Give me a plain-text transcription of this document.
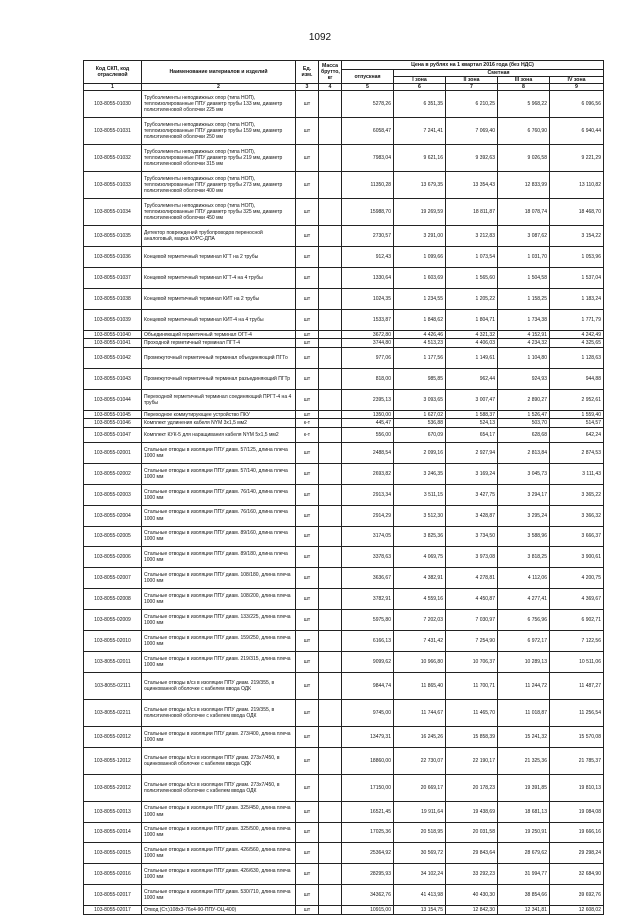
1092
Код СКП, код отраслевой	Наименование материалов и изделий	Ед. изм.	Масса брутто, кг	Цена в рублях на 1 квартал 2016 года (без НДС)				
				отпускная	Сметная			
					I зона	II зона	III зона	IV зона
1	2	3	4	5	6	7	8	9
103-8055-01030	Трубоэлементы неподвижных опор (типа НОП), теплоизолированные ППУ диаметр трубы 133 мм, диаметр полиэтиленовой оболочки 225 мм	шт		5278,26	6 351,35	6 210,25	5 968,22	6 096,56
103-8055-01031	Трубоэлементы неподвижных опор (типа НОП), теплоизолированные ППУ диаметр трубы 159 мм, диаметр полиэтиленовой оболочки 250 мм	шт		6058,47	7 241,41	7 069,40	6 760,90	6 940,44
103-8055-01032	Трубоэлементы неподвижных опор (типа НОП), теплоизолированные ППУ диаметр трубы 219 мм, диаметр полиэтиленовой оболочки 315 мм	шт		7983,04	9 621,16	9 392,63	9 026,58	9 221,29
103-8055-01033	Трубоэлементы неподвижных опор (типа НОП), теплоизолированные ППУ диаметр трубы 273 мм, диаметр полиэтиленовой оболочки 400 мм	шт		11350,28	13 679,35	13 354,43	12 833,99	13 110,82
103-8055-01034	Трубоэлементы неподвижных опор (типа НОП), теплоизолированные ППУ диаметр трубы 325 мм, диаметр полиэтиленовой оболочки 450 мм	шт		15988,70	19 269,59	18 811,87	18 078,74	18 468,70
103-8055-01035	Детектор повреждений трубопроводов переносной аналоговый, марка КУРС-ДПА	шт		2730,57	3 291,00	3 212,83	3 087,62	3 154,22
103-8055-01036	Концевой герметичный терминал КГТ на 2 трубы	шт		912,43	1 099,66	1 073,54	1 031,70	1 053,96
103-8055-01037	Концевой герметичный терминал КГТ-4 на 4 трубы	шт		1330,64	1 603,69	1 565,60	1 504,58	1 537,04
103-8055-01038	Концевой герметичный терминал КИТ на 2 трубы	шт		1024,35	1 234,55	1 205,22	1 158,25	1 183,24
103-8055-01039	Концевой герметичный терминал КИТ-4 на 4 трубы	шт		1533,87	1 848,62	1 804,71	1 734,38	1 771,79
103-8055-01040	Объединяющий герметичный терминал ОГТ-4	шт		3672,80	4 426,46	4 321,32	4 152,91	4 242,49
103-8055-01041	Проходной герметичный терминал ПГТ-4	шт		3744,80	4 513,23	4 406,03	4 234,32	4 325,65
103-8055-01042	Промежуточный герметичный терминал объединяющий ПГТо	шт		977,06	1 177,56	1 149,61	1 104,80	1 128,63
103-8055-01043	Промежуточный герметичный терминал разъединяющий ПГТр	шт		818,00	985,85	962,44	924,93	944,88
103-8055-01044	Переходной герметичный терминал соединяющий ПРГТ-4 на 4 трубы	шт		2395,13	3 093,65	3 007,47	2 890,27	2 952,61
103-8055-01045	Переходное коммутирующее устройство ПКУ	шт		1350,00	1 627,02	1 588,37	1 526,47	1 559,40
103-8055-01046	Комплект удлинения кабеля NYM 3х1,5 мм2	к-т		445,47	536,88	524,13	503,70	514,57
103-8055-01047	Комплект КУК-5 для наращивания кабеля NYM 5х1,5 мм2	к-т		556,00	670,09	654,17	628,68	642,24
103-8055-02001	Стальные отводы в изоляции ППУ диам. 57/125, длина плеча 1000 мм	шт		2488,54	2 099,16	2 927,94	2 813,84	2 874,53
103-8055-02002	Стальные отводы в изоляции ППУ диам. 57/140, длина плеча 1000 мм	шт		2693,82	3 246,35	3 169,24	3 045,73	3 111,43
103-8055-02003	Стальные отводы в изоляции ППУ диам. 76/140, длина плеча 1000 мм	шт		2913,34	3 511,15	3 427,75	3 294,17	3 365,22
103-8055-02004	Стальные отводы в изоляции ППУ диам. 76/160, длина плеча 1000 мм	шт		2914,29	3 512,30	3 428,87	3 295,24	3 366,32
103-8055-02005	Стальные отводы в изоляции ППУ диам. 89/160, длина плеча 1000 мм	шт		3174,05	3 825,36	3 734,50	3 588,96	3 666,37
103-8055-02006	Стальные отводы в изоляции ППУ диам. 89/180, длина плеча 1000 мм	шт		3378,63	4 069,75	3 973,08	3 818,25	3 900,61
103-8055-02007	Стальные отводы в изоляции ППУ диам. 108/180, длина плеча 1000 мм	шт		3636,67	4 382,91	4 278,81	4 112,06	4 200,75
103-8055-02008	Стальные отводы в изоляции ППУ диам. 108/200, длина плеча 1000 мм	шт		3782,91	4 559,16	4 450,87	4 277,41	4 369,67
103-8055-02009	Стальные отводы в изоляции ППУ диам. 133/225, длина плеча 1000 мм	шт		5975,80	7 202,03	7 030,97	6 756,96	6 902,71
103-8055-02010	Стальные отводы в изоляции ППУ диам. 159/250, длина плеча 1000 мм	шт		6166,13	7 431,42	7 254,90	6 972,17	7 122,56
103-8055-02011	Стальные отводы в изоляции ППУ диам. 219/315, длина плеча 1000 мм	шт		9099,62	10 966,80	10 706,37	10 289,13	10 511,06
103-8055-02111	Стальные отводы в/сз в изоляции ППУ диам. 219/355, в оцинкованной оболочке с кабелем ввода ОДК	шт		9844,74	11 865,40	11 700,71	11 244,72	11 487,27
103-8055-02211	Стальные отводы в/сз в изоляции ППУ диам. 219/355, в полиэтиленовой оболочке с кабелем ввода ОДК	шт		9745,00	11 744,67	11 465,70	11 018,87	11 256,54
103-8055-02012	Стальные отводы в изоляции ППУ диам. 273/400, длина плеча 1000 мм	шт		13479,31	16 245,26	15 858,39	15 241,32	15 570,08
103-8055-12012	Стальные отводы в/сз в изоляции ППУ диам. 273х7/450, в оцинкованной оболочке с кабелем ввода ОДК	шт		18860,00	22 730,07	22 190,17	21 325,36	21 785,37
103-8055-22012	Стальные отводы в/сз в изоляции ППУ диам. 273х7/450, в полиэтиленовой оболочке с кабелем ввода ОДК	шт		17150,00	20 669,17	20 178,23	19 391,85	19 810,13
103-8055-02013	Стальные отводы в изоляции ППУ диам. 325/450, длина плеча 1000 мм	шт		16521,45	19 911,64	19 438,69	18 681,13	19 084,08
103-8055-02014	Стальные отводы в изоляции ППУ диам. 325/500, длина плеча 1000 мм	шт		17025,36	20 518,95	20 031,58	19 250,91	19 666,16
103-8055-02015	Стальные отводы в изоляции ППУ диам. 426/560, длина плеча 1000 мм	шт		25364,92	30 569,72	29 843,64	28 679,62	29 298,24
103-8055-02016	Стальные отводы в изоляции ППУ диам. 426/630, длина плеча 1000 мм	шт		28295,93	34 102,24	33 292,23	31 994,77	32 684,90
103-8055-02017	Стальные отводы в изоляции ППУ диам. 530/710, длина плеча 1000 мм	шт		34362,76	41 413,98	40 430,30	38 854,66	39 692,76
103-8055-02017	Отвод (Ст.)108х3-76х4-90-ППУ-ОЦ-400)	шт		10915,00	13 154,75	12 842,30	12 341,81	12 608,02
